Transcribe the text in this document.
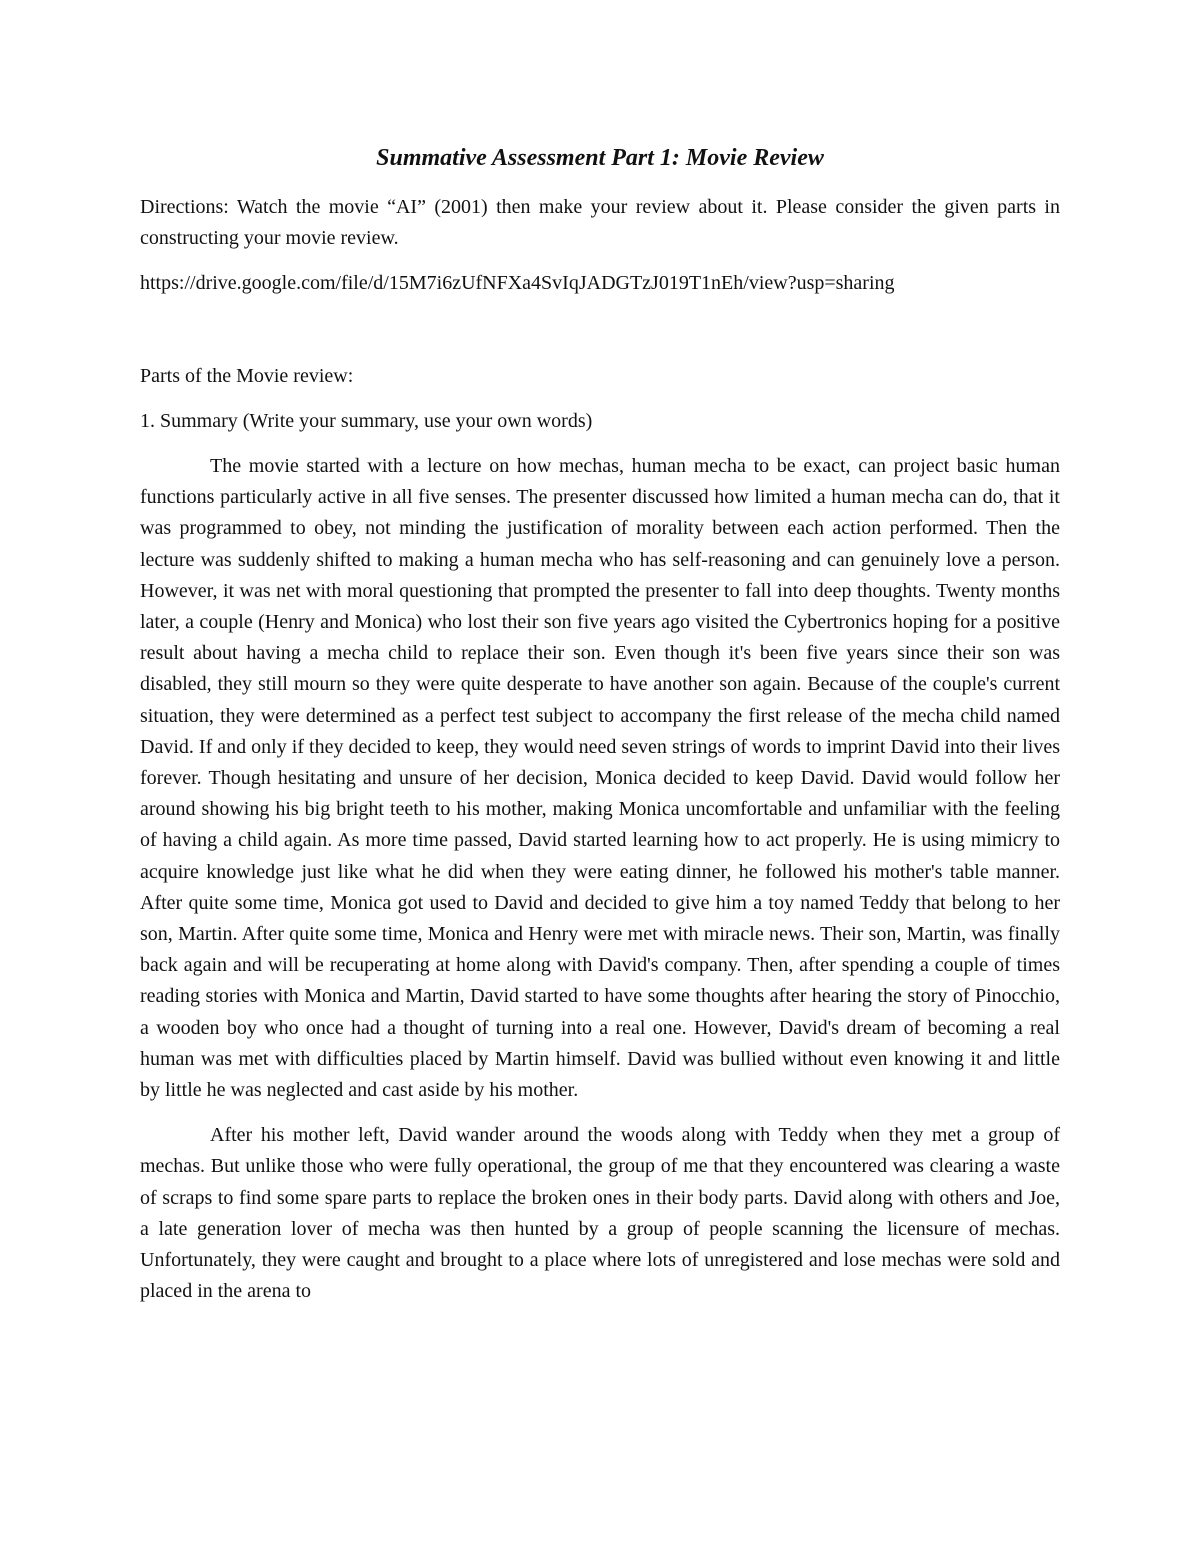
Summative Assessment Part 1: Movie Review

Directions: Watch the movie “AI” (2001) then make your review about it. Please consider the given parts in constructing your movie review.

https://drive.google.com/file/d/15M7i6zUfNFXa4SvIqJADGTzJ019T1nEh/view?usp=sharing

Parts of the Movie review:

1. Summary (Write your summary, use your own words)

The movie started with a lecture on how mechas, human mecha to be exact, can project basic human functions particularly active in all five senses. The presenter discussed how limited a human mecha can do, that it was programmed to obey, not minding the justification of morality between each action performed. Then the lecture was suddenly shifted to making a human mecha who has self-reasoning and can genuinely love a person. However, it was net with moral questioning that prompted the presenter to fall into deep thoughts. Twenty months later, a couple (Henry and Monica) who lost their son five years ago visited the Cybertronics hoping for a positive result about having a mecha child to replace their son. Even though it's been five years since their son was disabled, they still mourn so they were quite desperate to have another son again. Because of the couple's current situation, they were determined as a perfect test subject to accompany the first release of the mecha child named David. If and only if they decided to keep, they would need seven strings of words to imprint David into their lives forever. Though hesitating and unsure of her decision, Monica decided to keep David. David would follow her around showing his big bright teeth to his mother, making Monica uncomfortable and unfamiliar with the feeling of having a child again. As more time passed, David started learning how to act properly. He is using mimicry to acquire knowledge just like what he did when they were eating dinner, he followed his mother's table manner. After quite some time, Monica got used to David and decided to give him a toy named Teddy that belong to her son, Martin. After quite some time, Monica and Henry were met with miracle news. Their son, Martin, was finally back again and will be recuperating at home along with David's company. Then, after spending a couple of times reading stories with Monica and Martin, David started to have some thoughts after hearing the story of Pinocchio, a wooden boy who once had a thought of turning into a real one. However, David's dream of becoming a real human was met with difficulties placed by Martin himself. David was bullied without even knowing it and little by little he was neglected and cast aside by his mother.

After his mother left, David wander around the woods along with Teddy when they met a group of mechas. But unlike those who were fully operational, the group of me that they encountered was clearing a waste of scraps to find some spare parts to replace the broken ones in their body parts. David along with others and Joe, a late generation lover of mecha was then hunted by a group of people scanning the licensure of mechas. Unfortunately, they were caught and brought to a place where lots of unregistered and lose mechas were sold and placed in the arena to
